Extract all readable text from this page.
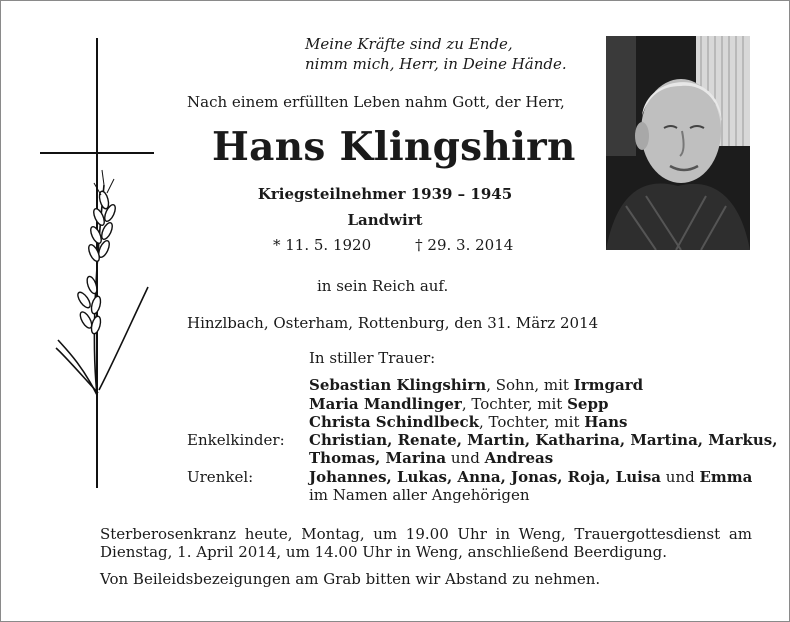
Meine Kräfte sind zu Ende,
nimm mich, Herr, in Deine Hände.
Nach einem erfüllten Leben nahm Gott, der Herr,
Hans Klingshirn
Kriegsteilnehmer 1939 – 1945
Landwirt
* 11. 5. 1920	† 29. 3. 2014
in sein Reich auf.
Hinzlbach, Osterham, Rottenburg, den 31. März 2014
In stiller Trauer:
Sebastian Klingshirn, Sohn, mit Irmgard
Maria Mandlinger, Tochter, mit Sepp
Christa Schindlbeck, Tochter, mit Hans
Enkelkinder:	Christian, Renate, Martin, Katharina, Martina, Markus,
Thomas, Marina und Andreas
Urenkel:	Johannes, Lukas, Anna, Jonas, Roja, Luisa und Emma
im Namen aller Angehörigen
Sterberosenkranz heute, Montag, um 19.00 Uhr in Weng, Trauergottesdienst am Dienstag, 1. April 2014, um 14.00 Uhr in Weng, anschließend Beerdigung.
Von Beileidsbezeigungen am Grab bitten wir Abstand zu nehmen.
